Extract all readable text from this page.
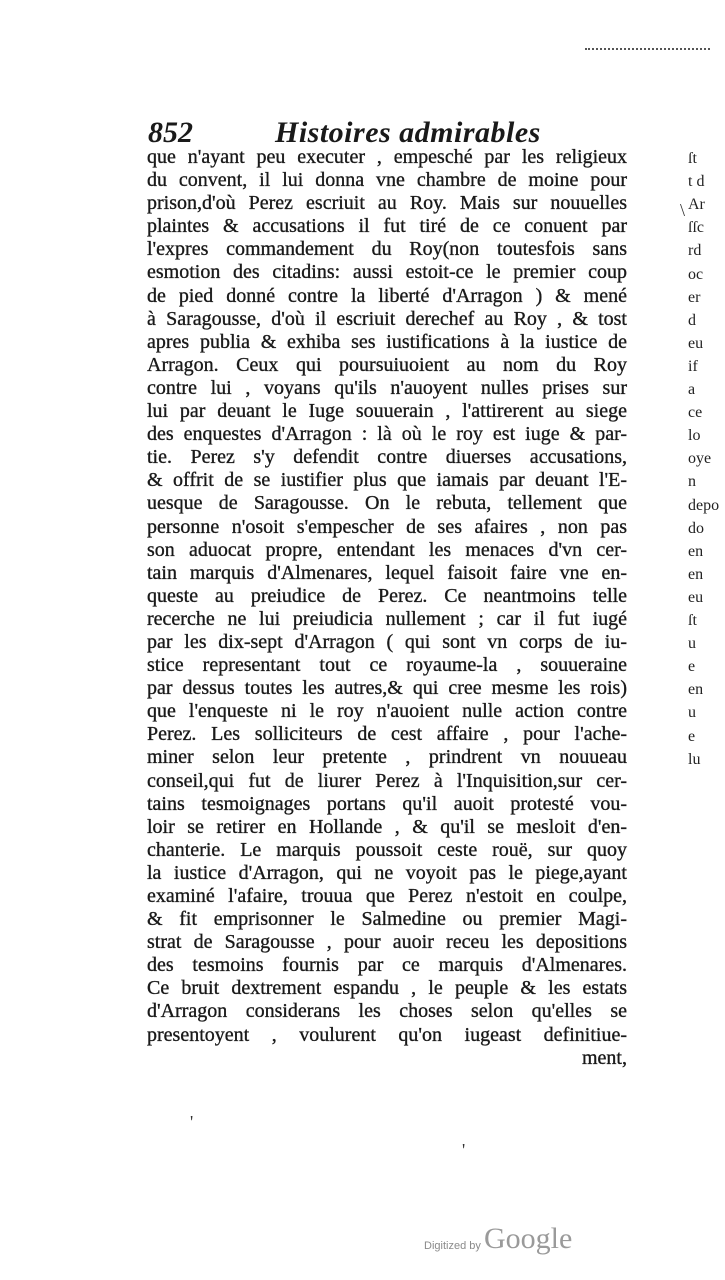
852	Histoires admirables
que n'ayant peu executer , empesché par les religieux
du convent, il lui donna vne chambre de moine pour
prison,d'où Perez escriuit au Roy. Mais sur nouuelles
plaintes & accusations il fut tiré de ce conuent par
l'expres commandement du Roy(non toutesfois sans
esmotion des citadins: aussi estoit-ce le premier coup
de pied donné contre la liberté d'Arragon ) & mené
à Saragousse, d'où il escriuit derechef au Roy , & tost
apres publia & exhiba ses iustifications à la iustice de
Arragon. Ceux qui poursuiuoient au nom du Roy
contre lui , voyans qu'ils n'auoyent nulles prises sur
lui par deuant le Iuge souuerain , l'attirerent au siege
des enquestes d'Arragon : là où le roy est iuge & par-
tie. Perez s'y defendit contre diuerses accusations,
& offrit de se iustifier plus que iamais par deuant l'E-
uesque de Saragousse. On le rebuta, tellement que
personne n'osoit s'empescher de ses afaires , non pas
son aduocat propre, entendant les menaces d'vn cer-
tain marquis d'Almenares, lequel faisoit faire vne en-
queste au preiudice de Perez. Ce neantmoins telle
recerche ne lui preiudicia nullement ; car il fut iugé
par les dix-sept d'Arragon ( qui sont vn corps de iu-
stice representant tout ce royaume-la , souueraine
par dessus toutes les autres,& qui cree mesme les rois)
que l'enqueste ni le roy n'auoient nulle action contre
Perez. Les solliciteurs de cest affaire , pour l'ache-
miner selon leur pretente , prindrent vn nouueau
conseil,qui fut de liurer Perez à l'Inquisition,sur cer-
tains tesmoignages portans qu'il auoit protesté vou-
loir se retirer en Hollande , & qu'il se mesloit d'en-
chanterie. Le marquis poussoit ceste rouë, sur quoy
la iustice d'Arragon, qui ne voyoit pas le piege,ayant
examiné l'afaire, trouua que Perez n'estoit en coulpe,
& fit emprisonner le Salmedine ou premier Magi-
strat de Saragousse , pour auoir receu les depositions
des tesmoins fournis par ce marquis d'Almenares.
Ce bruit dextrement espandu , le peuple & les estats
d'Arragon considerans les choses selon qu'elles se
presentoyent , voulurent qu'on iugeast definitiue-
ment,
ſt
t d
Ar
ſſc
rd
oc
er
d
eu
if
a
ce
lo
oye
n
depo
do
en
en
eu
ſt
u
e
en
u
e
lu
\
'
'
Digitized by Google
